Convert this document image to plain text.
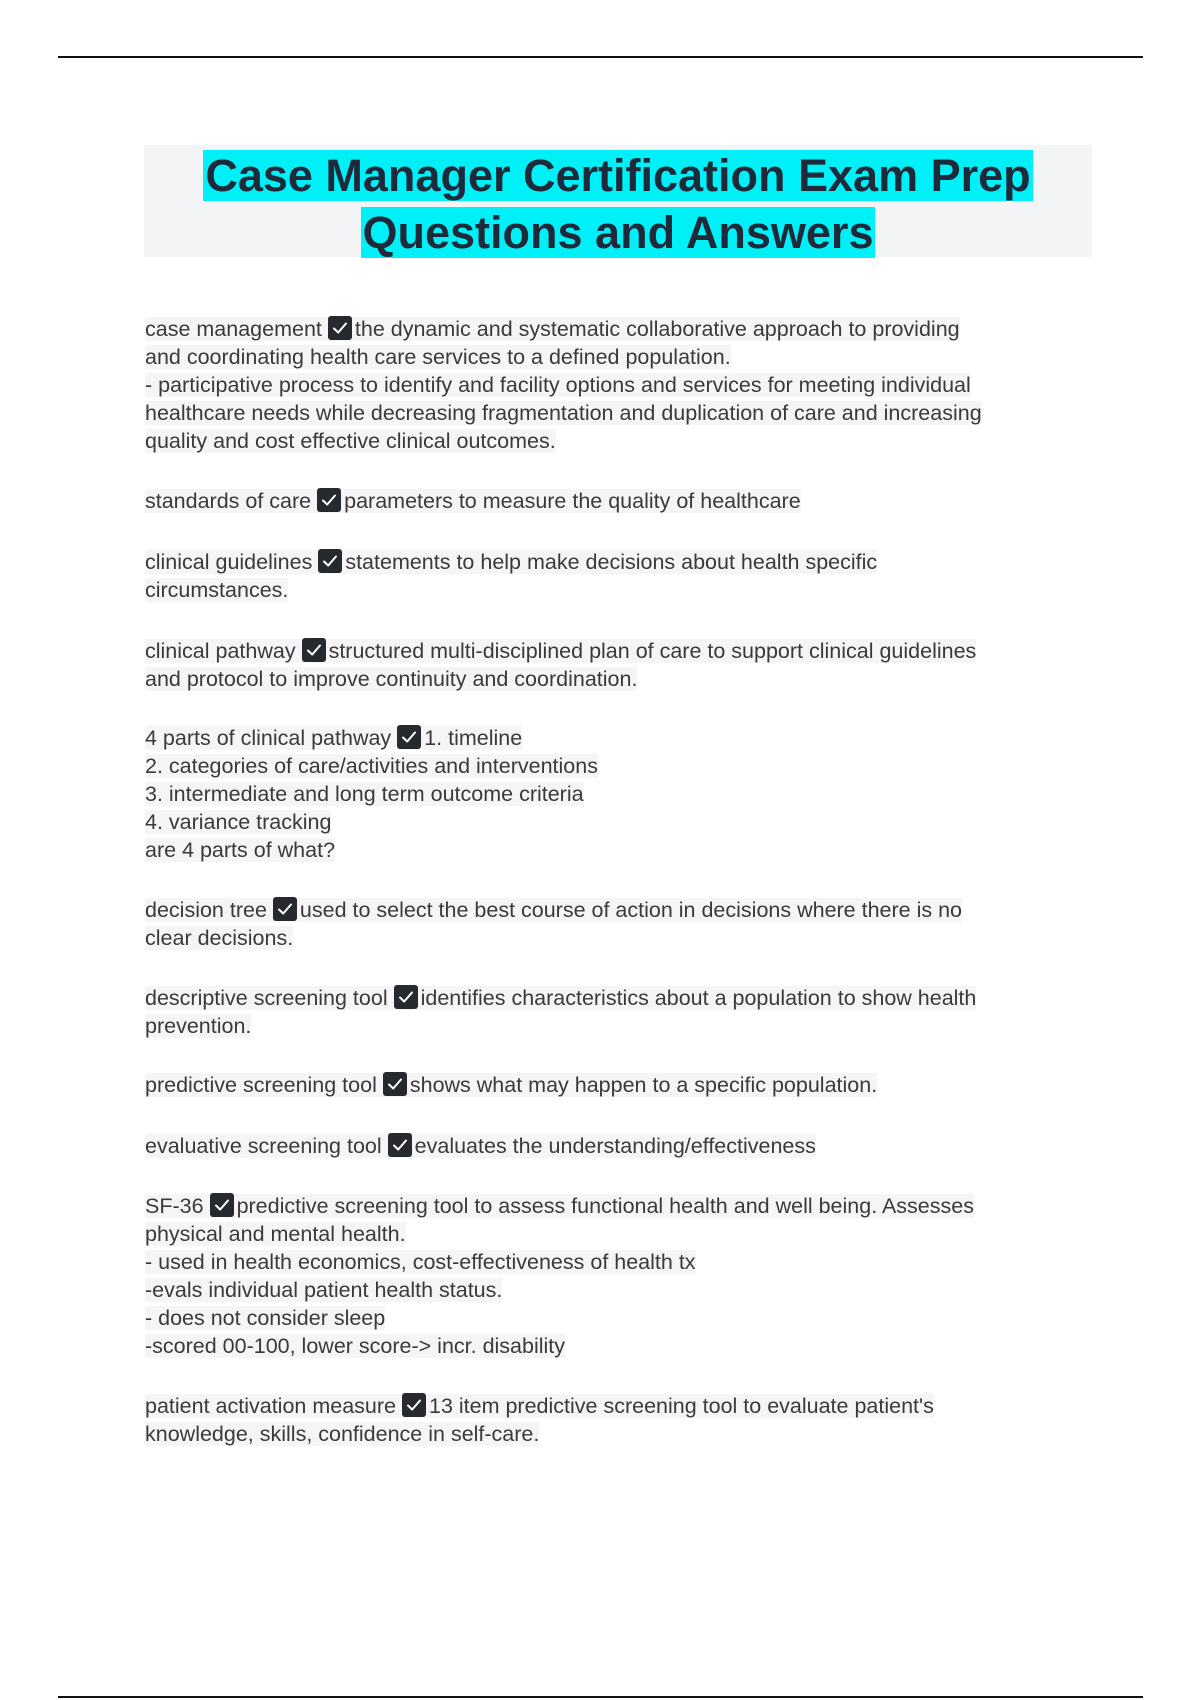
Case Manager Certification Exam Prep
Questions and Answers
case management the dynamic and systematic collaborative approach to providing
and coordinating health care services to a defined population.
- participative process to identify and facility options and services for meeting individual
healthcare needs while decreasing fragmentation and duplication of care and increasing
quality and cost effective clinical outcomes.
standards of care parameters to measure the quality of healthcare
clinical guidelines statements to help make decisions about health specific
circumstances.
clinical pathway structured multi-disciplined plan of care to support clinical guidelines
and protocol to improve continuity and coordination.
4 parts of clinical pathway 1. timeline
2. categories of care/activities and interventions
3. intermediate and long term outcome criteria
4. variance tracking
are 4 parts of what?
decision tree used to select the best course of action in decisions where there is no
clear decisions.
descriptive screening tool identifies characteristics about a population to show health
prevention.
predictive screening tool shows what may happen to a specific population.
evaluative screening tool evaluates the understanding/effectiveness
SF-36 predictive screening tool to assess functional health and well being. Assesses
physical and mental health.
- used in health economics, cost-effectiveness of health tx
-evals individual patient health status.
- does not consider sleep
-scored 00-100, lower score-> incr. disability
patient activation measure 13 item predictive screening tool to evaluate patient's
knowledge, skills, confidence in self-care.
